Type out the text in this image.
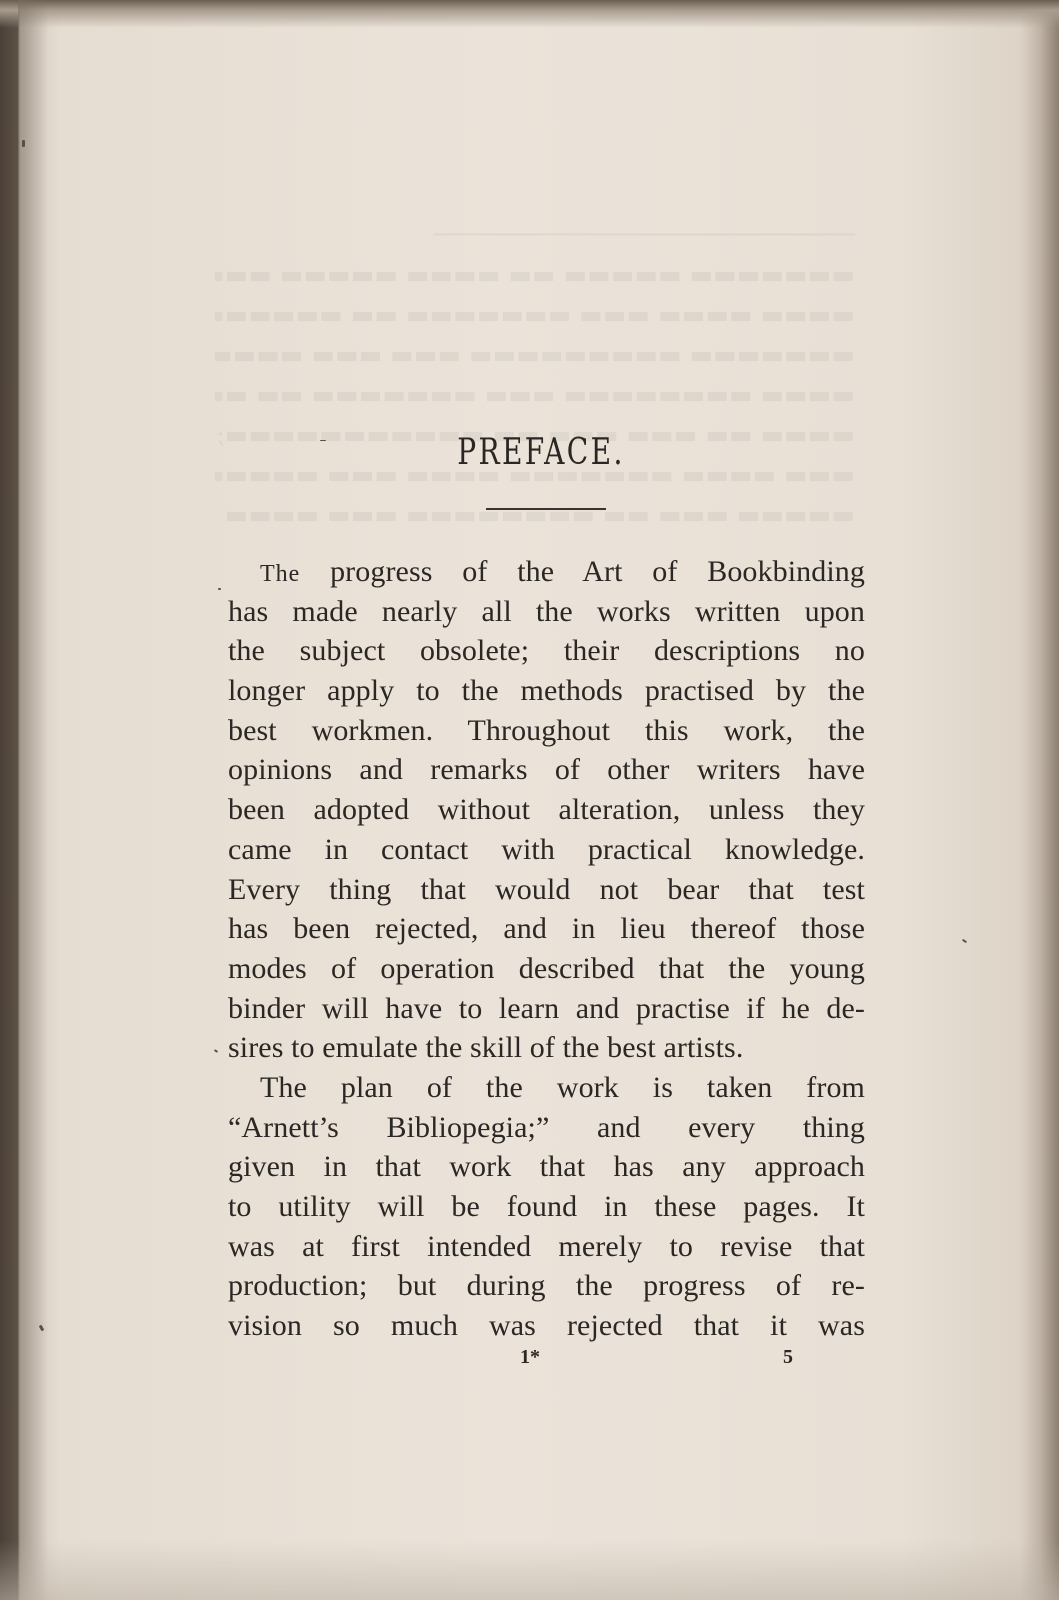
PREFACE.
The progress of the Art of Bookbinding
has made nearly all the works written upon
the subject obsolete; their descriptions no
longer apply to the methods practised by the
best workmen. Throughout this work, the
opinions and remarks of other writers have
been adopted without alteration, unless they
came in contact with practical knowledge.
Every thing that would not bear that test
has been rejected, and in lieu thereof those
modes of operation described that the young
binder will have to learn and practise if he de-
sires to emulate the skill of the best artists.
The plan of the work is taken from
“Arnett’s Bibliopegia;” and every thing
given in that work that has any approach
to utility will be found in these pages. It
was at first intended merely to revise that
production; but during the progress of re-
vision so much was rejected that it was
1*	5
